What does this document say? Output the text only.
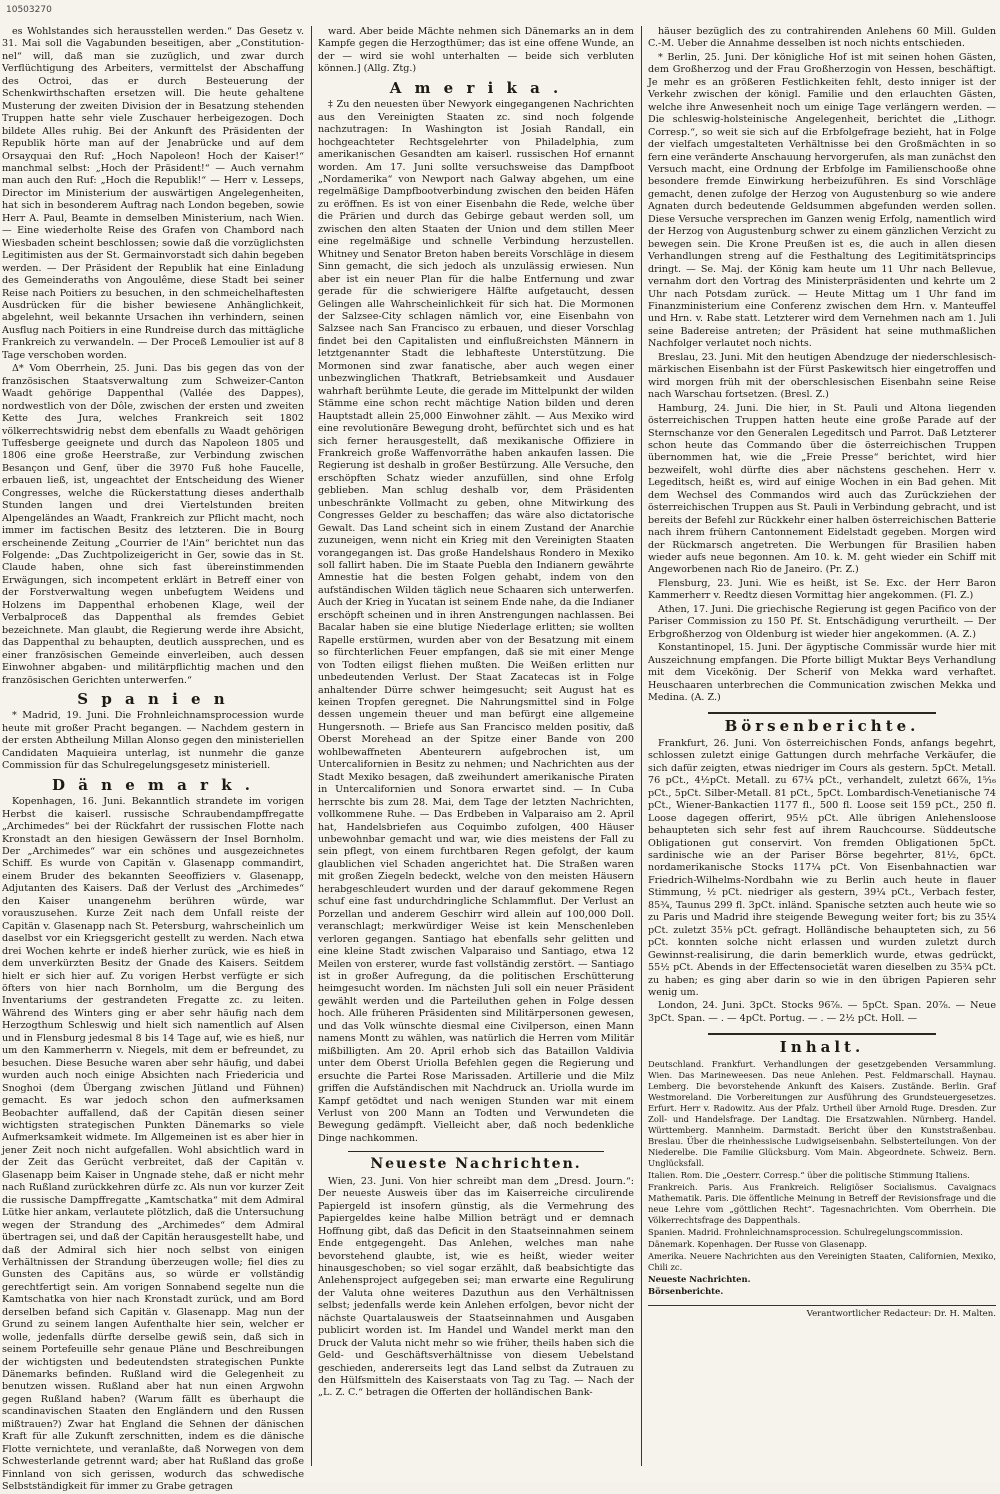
10503270

es Wohlstandes sich herausstellen werden.“ Das Gesetz v. 31. Mai soll die Vagabunden beseitigen, aber „Constitution-nel“ will, daß man sie zuzüglich, und zwar durch Verflüchtigung des Arbeiters, vermittelst der Abschaffung des Octroi, das er durch Besteuerung der Schenkwirthschaften ersetzen will. Die heute gehaltene Musterung der zweiten Division der in Besatzung stehenden Truppen hatte sehr viele Zuschauer herbeigezogen. Doch bildete Alles ruhig. Bei der Ankunft des Präsidenten der Republik hörte man auf der Jenabrücke und auf dem Orsayquai den Ruf: „Hoch Napoleon! Hoch der Kaiser!“ manchmal selbst: „Hoch der Präsident!“ — Auch vernahm man auch den Ruf: „Hoch die Republik!“ — Herr v. Lesseps, Director im Ministerium der auswärtigen Angelegenheiten, hat sich in besonderem Auftrag nach London begeben, sowie Herr A. Paul, Beamte in demselben Ministerium, nach Wien. — Eine wiederholte Reise des Grafen von Chambord nach Wiesbaden scheint beschlossen; sowie daß die vorzüglichsten Legitimisten aus der St. Germainvorstadt sich dahin begeben werden. — Der Präsident der Republik hat eine Einladung des Gemeinderaths von Angoulême, diese Stadt bei seiner Reise nach Poitiers zu besuchen, in den schmeichelhaftesten Ausdrücken für die bisher bewiesene Anhänglichkeit, abgelehnt, weil bekannte Ursachen ihn verhindern, seinen Ausflug nach Poitiers in eine Rundreise durch das mittägliche Frankreich zu verwandeln. — Der Proceß Lemoulier ist auf 8 Tage verschoben worden.

Δ* Vom Oberrhein, 25. Juni. Das bis gegen das von der französischen Staatsverwaltung zum Schweizer-Canton Waadt gehörige Dappenthal (Vallée des Dappes), nordwestlich von der Dôle, zwischen der ersten und zweiten Kette des Jura, welches Frankreich seit 1802 völkerrechtswidrig nebst dem ebenfalls zu Waadt gehörigen Tuffesberge geeignete und durch das Napoleon 1805 und 1806 eine große Heerstraße, zur Verbindung zwischen Besançon und Genf, über die 3970 Fuß hohe Faucelle, erbauen ließ, ist, ungeachtet der Entscheidung des Wiener Congresses, welche die Rückerstattung dieses anderthalb Stunden langen und drei Viertelstunden breiten Alpengeländes an Waadt, Frankreich zur Pflicht macht, noch immer im factischen Besitz des letzteren. Die in Bourg erscheinende Zeitung „Courrier de l'Ain“ berichtet nun das Folgende: „Das Zuchtpolizeigericht in Ger, sowie das in St. Claude haben, ohne sich fast übereinstimmenden Erwägungen, sich incompetent erklärt in Betreff einer von der Forstverwaltung wegen unbefugtem Weidens und Holzens im Dappenthal erhobenen Klage, weil der Verbalproceß das Dappenthal als fremdes Gebiet bezeichnete. Man glaubt, die Regierung werde ihre Absicht, das Dappenthal zu behaupten, deutlich aussprechen, und es einer französischen Gemeinde einverleiben, auch dessen Einwohner abgaben- und militärpflichtig machen und den französischen Gerichten unterwerfen.“

S p a n i e n

* Madrid, 19. Juni. Die Frohnleichnamsprocession wurde heute mit großer Pracht begangen. — Nachdem gestern in der ersten Abtheilung Millan Alonso gegen den ministeriellen Candidaten Maquieira unterlag, ist nunmehr die ganze Commission für das Schulregelungsgesetz ministeriell.

D ä n e m a r k .

Kopenhagen, 16. Juni. Bekanntlich strandete im vorigen Herbst die kaiserl. russische Schraubendampffregatte „Archimedes“ bei der Rückfahrt der russischen Flotte nach Kronstadt an den hiesigen Gewässern der Insel Bornholm. Der „Archimedes“ war ein schönes und ausgezeichnetes Schiff. Es wurde von Capitän v. Glasenapp commandirt, einem Bruder des bekannten Seeoffiziers v. Glasenapp, Adjutanten des Kaisers. Daß der Verlust des „Archimedes“ den Kaiser unangenehm berühren würde, war vorauszusehen. Kurze Zeit nach dem Unfall reiste der Capitän v. Glasenapp nach St. Petersburg, wahrscheinlich um daselbst vor ein Kriegsgericht gestellt zu werden. Nach etwa drei Wochen kehrte er indeß hierher zurück, wie es hieß in dem unverkürzten Besitz der Gnade des Kaisers. Seitdem hielt er sich hier auf. Zu vorigen Herbst verfügte er sich öfters von hier nach Bornholm, um die Bergung des Inventariums der gestrandeten Fregatte zc. zu leiten. Während des Winters ging er aber sehr häufig nach dem Herzogthum Schleswig und hielt sich namentlich auf Alsen und in Flensburg jedesmal 8 bis 14 Tage auf, wie es hieß, nur um den Kammerherrn v. Niegels, mit dem er befreundet, zu besuchen. Diese Besuche waren aber sehr häufig, und dabei wurden auch noch einige Absichten nach Friedericia und Snoghoi (dem Übergang zwischen Jütland und Fühnen) gemacht. Es war jedoch schon den aufmerksamen Beobachter auffallend, daß der Capitän diesen seiner wichtigsten strategischen Punkten Dänemarks so viele Aufmerksamkeit widmete. Im Allgemeinen ist es aber hier in jener Zeit noch nicht aufgefallen. Wohl absichtlich ward in der Zeit das Gerücht verbreitet, daß der Capitän v. Glasenapp beim Kaiser in Ungnade stehe, daß er nicht mehr nach Rußland zurückkehren dürfe zc. Als nun vor kurzer Zeit die russische Dampffregatte „Kamtschatka“ mit dem Admiral Lütke hier ankam, verlautete plötzlich, daß die Untersuchung wegen der Strandung des „Archimedes“ dem Admiral übertragen sei, und daß der Capitän herausgestellt habe, und daß der Admiral sich hier noch selbst von einigen Verhältnissen der Strandung überzeugen wolle; fiel dies zu Gunsten des Capitäns aus, so würde er vollständig gerechtfertigt sein. Am vorigen Sonnabend segelte nun die Kamtschatka von hier nach Kronstadt zurück, und am Bord derselben befand sich Capitän v. Glasenapp. Mag nun der Grund zu seinem langen Aufenthalte hier sein, welcher er wolle, jedenfalls dürfte derselbe gewiß sein, daß sich in seinem Portefeuille sehr genaue Pläne und Beschreibungen der wichtigsten und bedeutendsten strategischen Punkte Dänemarks befinden. Rußland wird die Gelegenheit zu benutzen wissen. Rußland aber hat nun einen Argwohn gegen Rußland haben? (Warum fällt es überhaupt die scandinavischen Staaten den Engländern und den Russen mißtrauen?) Zwar hat England die Sehnen der dänischen Kraft für alle Zukunft zerschnitten, indem es die dänische Flotte vernichtete, und veranlaßte, daß Norwegen von dem Schwesterlande getrennt ward; aber hat Rußland das große Finnland von sich gerissen, wodurch das schwedische Selbstständigkeit für immer zu Grabe getragen

ward. Aber beide Mächte nehmen sich Dänemarks an in dem Kampfe gegen die Herzogthümer; das ist eine offene Wunde, an der — wird sie wohl unterhalten — beide sich verbluten können.] (Allg. Ztg.)

A m e r i k a .

‡ Zu den neuesten über Newyork eingegangenen Nachrichten aus den Vereinigten Staaten zc. sind noch folgende nachzutragen: In Washington ist Josiah Randall, ein hochgeachteter Rechtsgelehrter von Philadelphia, zum amerikanischen Gesandten am kaiserl. russischen Hof ernannt worden. Am 17. Juni sollte versuchsweise das Dampfboot „Nordamerika“ von Newport nach Galway abgehen, um eine regelmäßige Dampfbootverbindung zwischen den beiden Häfen zu eröffnen. Es ist von einer Eisenbahn die Rede, welche über die Prärien und durch das Gebirge gebaut werden soll, um zwischen den alten Staaten der Union und dem stillen Meer eine regelmäßige und schnelle Verbindung herzustellen. Whitney und Senator Breton haben bereits Vorschläge in diesem Sinn gemacht, die sich jedoch als unzulässig erwiesen. Nun aber ist ein neuer Plan für die halbe Entfernung und zwar gerade für die schwierigere Hälfte aufgetaucht, dessen Gelingen alle Wahrscheinlichkeit für sich hat. Die Mormonen der Salzsee-City schlagen nämlich vor, eine Eisenbahn von Salzsee nach San Francisco zu erbauen, und dieser Vorschlag findet bei den Capitalisten und einflußreichsten Männern in letztgenannter Stadt die lebhafteste Unterstützung. Die Mormonen sind zwar fanatische, aber auch wegen einer unbezwinglichen Thatkraft, Betriebsamkeit und Ausdauer wahrhaft berühmte Leute, die gerade im Mittelpunkt der wilden Stämme eine schon recht mächtige Nation bilden und deren Hauptstadt allein 25,000 Einwohner zählt. — Aus Mexiko wird eine revolutionäre Bewegung droht, befürchtet sich und es hat sich ferner herausgestellt, daß mexikanische Offiziere in Frankreich große Waffenvorräthe haben ankaufen lassen. Die Regierung ist deshalb in großer Bestürzung. Alle Versuche, den erschöpften Schatz wieder anzufüllen, sind ohne Erfolg geblieben. Man schlug deshalb vor, dem Präsidenten unbeschränkte Vollmacht zu geben, ohne Mitwirkung des Congresses Gelder zu beschaffen; das wäre also dictatorische Gewalt. Das Land scheint sich in einem Zustand der Anarchie zuzuneigen, wenn nicht ein Krieg mit den Vereinigten Staaten vorangegangen ist. Das große Handelshaus Rondero in Mexiko soll fallirt haben. Die im Staate Puebla den Indianern gewährte Amnestie hat die besten Folgen gehabt, indem von den aufständischen Wilden täglich neue Schaaren sich unterwerfen. Auch der Krieg in Yucatan ist seinem Ende nahe, da die Indianer erschöpft scheinen und in ihren Anstrengungen nachlassen. Bei Bacalar haben sie eine blutige Niederlage erlitten; sie wollten Rapelle erstürmen, wurden aber von der Besatzung mit einem so fürchterlichen Feuer empfangen, daß sie mit einer Menge von Todten eiligst fliehen mußten. Die Weißen erlitten nur unbedeutenden Verlust. Der Staat Zacatecas ist in Folge anhaltender Dürre schwer heimgesucht; seit August hat es keinen Tropfen geregnet. Die Nahrungsmittel sind in Folge dessen ungemein theuer und man befürgt eine allgemeine Hungersnoth. — Briefe aus San Francisco melden positiv, daß Oberst Morehead an der Spitze einer Bande von 200 wohlbewaffneten Abenteurern aufgebrochen ist, um Untercalifornien in Besitz zu nehmen; und Nachrichten aus der Stadt Mexiko besagen, daß zweihundert amerikanische Piraten in Untercalifornien und Sonora erwartet sind. — In Cuba herrschte bis zum 28. Mai, dem Tage der letzten Nachrichten, vollkommene Ruhe. — Das Erdbeben in Valparaiso am 2. April hat, Handelsbriefen aus Coquimbo zufolgen, 400 Häuser unbewohnbar gemacht und war, wie dies meistens der Fall zu sein pflegt, von einem furchtbaren Regen gefolgt, der kaum glaublichen viel Schaden angerichtet hat. Die Straßen waren mit großen Ziegeln bedeckt, welche von den meisten Häusern herabgeschleudert wurden und der darauf gekommene Regen schuf eine fast undurchdringliche Schlammflut. Der Verlust an Porzellan und anderem Geschirr wird allein auf 100,000 Doll. veranschlagt; merkwürdiger Weise ist kein Menschenleben verloren gegangen. Santiago hat ebenfalls sehr gelitten und eine kleine Stadt zwischen Valparaiso und Santiago, etwa 12 Meilen von ersterer, wurde fast vollständig zerstört. — Santiago ist in großer Aufregung, da die politischen Erschütterung heimgesucht worden. Im nächsten Juli soll ein neuer Präsident gewählt werden und die Parteiluthen gehen in Folge dessen hoch. Alle früheren Präsidenten sind Militärpersonen gewesen, und das Volk wünschte diesmal eine Civilperson, einen Mann namens Montt zu wählen, was natürlich die Herren vom Militär mißbilligten. Am 20. April erhob sich das Bataillon Valdivia unter dem Oberst Uriolla Befehlen gegen die Regierung und ersuchte die Partei Rose Marissaden. Artillerie und die Milz griffen die Aufständischen mit Nachdruck an. Uriolla wurde im Kampf getödtet und nach wenigen Stunden war mit einem Verlust von 200 Mann an Todten und Verwundeten die Bewegung gedämpft. Vielleicht aber, daß noch bedenkliche Dinge nachkommen.

Neueste Nachrichten.

Wien, 23. Juni. Von hier schreibt man dem „Dresd. Journ.“: Der neueste Ausweis über das im Kaiserreiche circulirende Papiergeld ist insofern günstig, als die Vermehrung des Papiergeldes keine halbe Million beträgt und er demnach Hoffnung gibt, daß das Deficit in den Staatseinnahmen seinem Ende entgegengeht. Das Anlehen, welches man nahe bevorstehend glaubte, ist, wie es heißt, wieder weiter hinausgeschoben; so viel sogar erzählt, daß beabsichtigte das Anlehensproject aufgegeben sei; man erwarte eine Regulirung der Valuta ohne weiteres Dazuthun aus den Verhältnissen selbst; jedenfalls werde kein Anlehen erfolgen, bevor nicht der nächste Quartalausweis der Staatseinnahmen und Ausgaben publicirt worden ist. Im Handel und Wandel merkt man den Druck der Valuta nicht mehr so wie früher, theils haben sich die Geld- und Geschäftsverhältnisse von diesem Uebelstand geschieden, andererseits legt das Land selbst da Zutrauen zu den Hülfsmitteln des Kaiserstaats von Tag zu Tag. — Nach der „L. Z. C.“ betragen die Offerten der holländischen Bank-

häuser bezüglich des zu contrahirenden Anlehens 60 Mill. Gulden C.-M. Ueber die Annahme desselben ist noch nichts entschieden.

* Berlin, 25. Juni. Der königliche Hof ist mit seinen hohen Gästen, dem Großherzog und der Frau Großherzogin von Hessen, beschäftigt. Je mehr es an größeren Festlichkeiten fehlt, desto inniger ist der Verkehr zwischen der königl. Familie und den erlauchten Gästen, welche ihre Anwesenheit noch um einige Tage verlängern werden. — Die schleswig-holsteinische Angelegenheit, berichtet die „Lithogr. Corresp.“, so weit sie sich auf die Erbfolgefrage bezieht, hat in Folge der vielfach umgestalteten Verhältnisse bei den Großmächten in so fern eine veränderte Anschauung hervorgerufen, als man zunächst den Versuch macht, eine Ordnung der Erbfolge im Familienschooße ohne besondere fremde Einwirkung herbeizuführen. Es sind Vorschläge gemacht, denen zufolge der Herzog von Augustenburg so wie andere Agnaten durch bedeutende Geldsummen abgefunden werden sollen. Diese Versuche versprechen im Ganzen wenig Erfolg, namentlich wird der Herzog von Augustenburg schwer zu einem gänzlichen Verzicht zu bewegen sein. Die Krone Preußen ist es, die auch in allen diesen Verhandlungen streng auf die Festhaltung des Legitimitätsprincips dringt. — Se. Maj. der König kam heute um 11 Uhr nach Bellevue, vernahm dort den Vortrag des Ministerpräsidenten und kehrte um 2 Uhr nach Potsdam zurück. — Heute Mittag um 1 Uhr fand im Finanzministerium eine Conferenz zwischen dem Hrn. v. Manteuffel und Hrn. v. Rabe statt. Letzterer wird dem Vernehmen nach am 1. Juli seine Badereise antreten; der Präsident hat seine muthmaßlichen Nachfolger verlautet noch nichts.

Breslau, 23. Juni. Mit den heutigen Abendzuge der niederschlesisch-märkischen Eisenbahn ist der Fürst Paskewitsch hier eingetroffen und wird morgen früh mit der oberschlesischen Eisenbahn seine Reise nach Warschau fortsetzen. (Bresl. Z.)

Hamburg, 24. Juni. Die hier, in St. Pauli und Altona liegenden österreichischen Truppen hatten heute eine große Parade auf der Sternschanze vor den Generalen Legeditsch und Parrot. Daß Letzterer schon heute das Commando über die österreichischen Truppen übernommen hat, wie die „Freie Presse“ berichtet, wird hier bezweifelt, wohl dürfte dies aber nächstens geschehen. Herr v. Legeditsch, heißt es, wird auf einige Wochen in ein Bad gehen. Mit dem Wechsel des Commandos wird auch das Zurückziehen der österreichischen Truppen aus St. Pauli in Verbindung gebracht, und ist bereits der Befehl zur Rückkehr einer halben österreichischen Batterie nach ihrem frühern Cantonnement Eidelstadt gegeben. Morgen wird der Rückmarsch angetreten. Die Werbungen für Brasilien haben wieder aufs neue begonnen. Am 10. k. M. geht wieder ein Schiff mit Angeworbenen nach Rio de Janeiro. (Pr. Z.)

Flensburg, 23. Juni. Wie es heißt, ist Se. Exc. der Herr Baron Kammerherr v. Reedtz diesen Vormittag hier angekommen. (Fl. Z.)

Athen, 17. Juni. Die griechische Regierung ist gegen Pacifico von der Pariser Commission zu 150 Pf. St. Entschädigung verurtheilt. — Der Erbgroßherzog von Oldenburg ist wieder hier angekommen. (A. Z.)

Konstantinopel, 15. Juni. Der ägyptische Commissär wurde hier mit Auszeichnung empfangen. Die Pforte billigt Muktar Beys Verhandlung mit dem Vicekönig. Der Scherif von Mekka ward verhaftet. Heuschaaren unterbrechen die Communication zwischen Mekka und Medina. (A. Z.)

Börsenberichte.

Frankfurt, 26. Juni. Von österreichischen Fonds, anfangs begehrt, schlossen zuletzt einige Gattungen durch mehrfache Verkäufer, die sich dafür zeigten, etwas niedriger im Cours als gestern. 5pCt. Metall. 76 pCt., 4½pCt. Metall. zu 67¼ pCt., verhandelt, zuletzt 66⅞, 1⁵⁄₁₆ pCt., 5pCt. Silber-Metall. 81 pCt., 5pCt. Lombardisch-Venetianische 74 pCt., Wiener-Bankactien 1177 fl., 500 fl. Loose seit 159 pCt., 250 fl. Loose dagegen offerirt, 95½ pCt. Alle übrigen Anlehensloose behaupteten sich sehr fest auf ihrem Rauchcourse. Süddeutsche Obligationen gut conservirt. Von fremden Obligationen 5pCt. sardinische wie an der Pariser Börse begehrter, 81½, 6pCt. nordamerikanische Stocks 117¼ pCt. Von Eisenbahnactien war Friedrich-Wilhelms-Nordbahn wie zu Berlin auch heute in flauer Stimmung, ½ pCt. niedriger als gestern, 39¼ pCt., Verbach fester, 85¾, Taunus 299 fl. 3pCt. inländ. Spanische setzten auch heute wie so zu Paris und Madrid ihre steigende Bewegung weiter fort; bis zu 35¼ pCt. zuletzt 35⅛ pCt. gefragt. Holländische behaupteten sich, zu 56 pCt. konnten solche nicht erlassen und wurden zuletzt durch Gewinnst-realisirung, die darin bemerklich wurde, etwas gedrückt, 55½ pCt. Abends in der Effectensocietät waren dieselben zu 35¾ pCt. zu haben; es ging aber darin so wie in den übrigen Papieren sehr wenig um.

London, 24. Juni. 3pCt. Stocks 96⅞. — 5pCt. Span. 20⅞. — Neue 3pCt. Span. — . — 4pCt. Portug. — . — 2½ pCt. Holl. —

Inhalt.

Deutschland. Frankfurt. Verhandlungen der gesetzgebenden Versammlung. Wien. Das Marineweesen. Das neue Anlehen. Pest. Feldmarschall. Haynau. Lemberg. Die bevorstehende Ankunft des Kaisers. Zustände. Berlin. Graf Westmoreland. Die Vorbereitungen zur Ausführung des Grundsteuergesetzes. Erfurt. Herr v. Radowitz. Aus der Pfalz. Urtheil über Arnold Ruge. Dresden. Zur Zoll- und Handelsfrage. Der Landtag. Die Ersatzwahlen. Nürnberg. Handel. Württemberg. Mannheim. Darmstadt. Bericht über den Kunststraßenbau. Breslau. Über die rheinhessische Ludwigseisenbahn. Selbsterteilungen. Von der Niederelbe. Die Familie Glücksburg. Vom Main. Abgeordnete. Schweiz. Bern. Unglücksfall.

Italien. Rom. Die „Oesterr. Corresp.“ über die politische Stimmung Italiens.

Frankreich. Paris. Aus Frankreich. Religiöser Socialismus. Cavaignacs Mathematik. Paris. Die öffentliche Meinung in Betreff der Revisionsfrage und die neue Lehre vom „göttlichen Recht“. Tagesnachrichten. Vom Oberrhein. Die Völkerrechtsfrage des Dappenthals.

Spanien. Madrid. Frohnleichnamsprocession. Schulregelungscommission.

Dänemark. Kopenhagen. Der Russe von Glasenapp.

Amerika. Neuere Nachrichten aus den Vereinigten Staaten, Californien, Mexiko, Chili zc.

Neueste Nachrichten.

Börsenberichte.

Verantwortlicher Redacteur: Dr. H. Malten.
